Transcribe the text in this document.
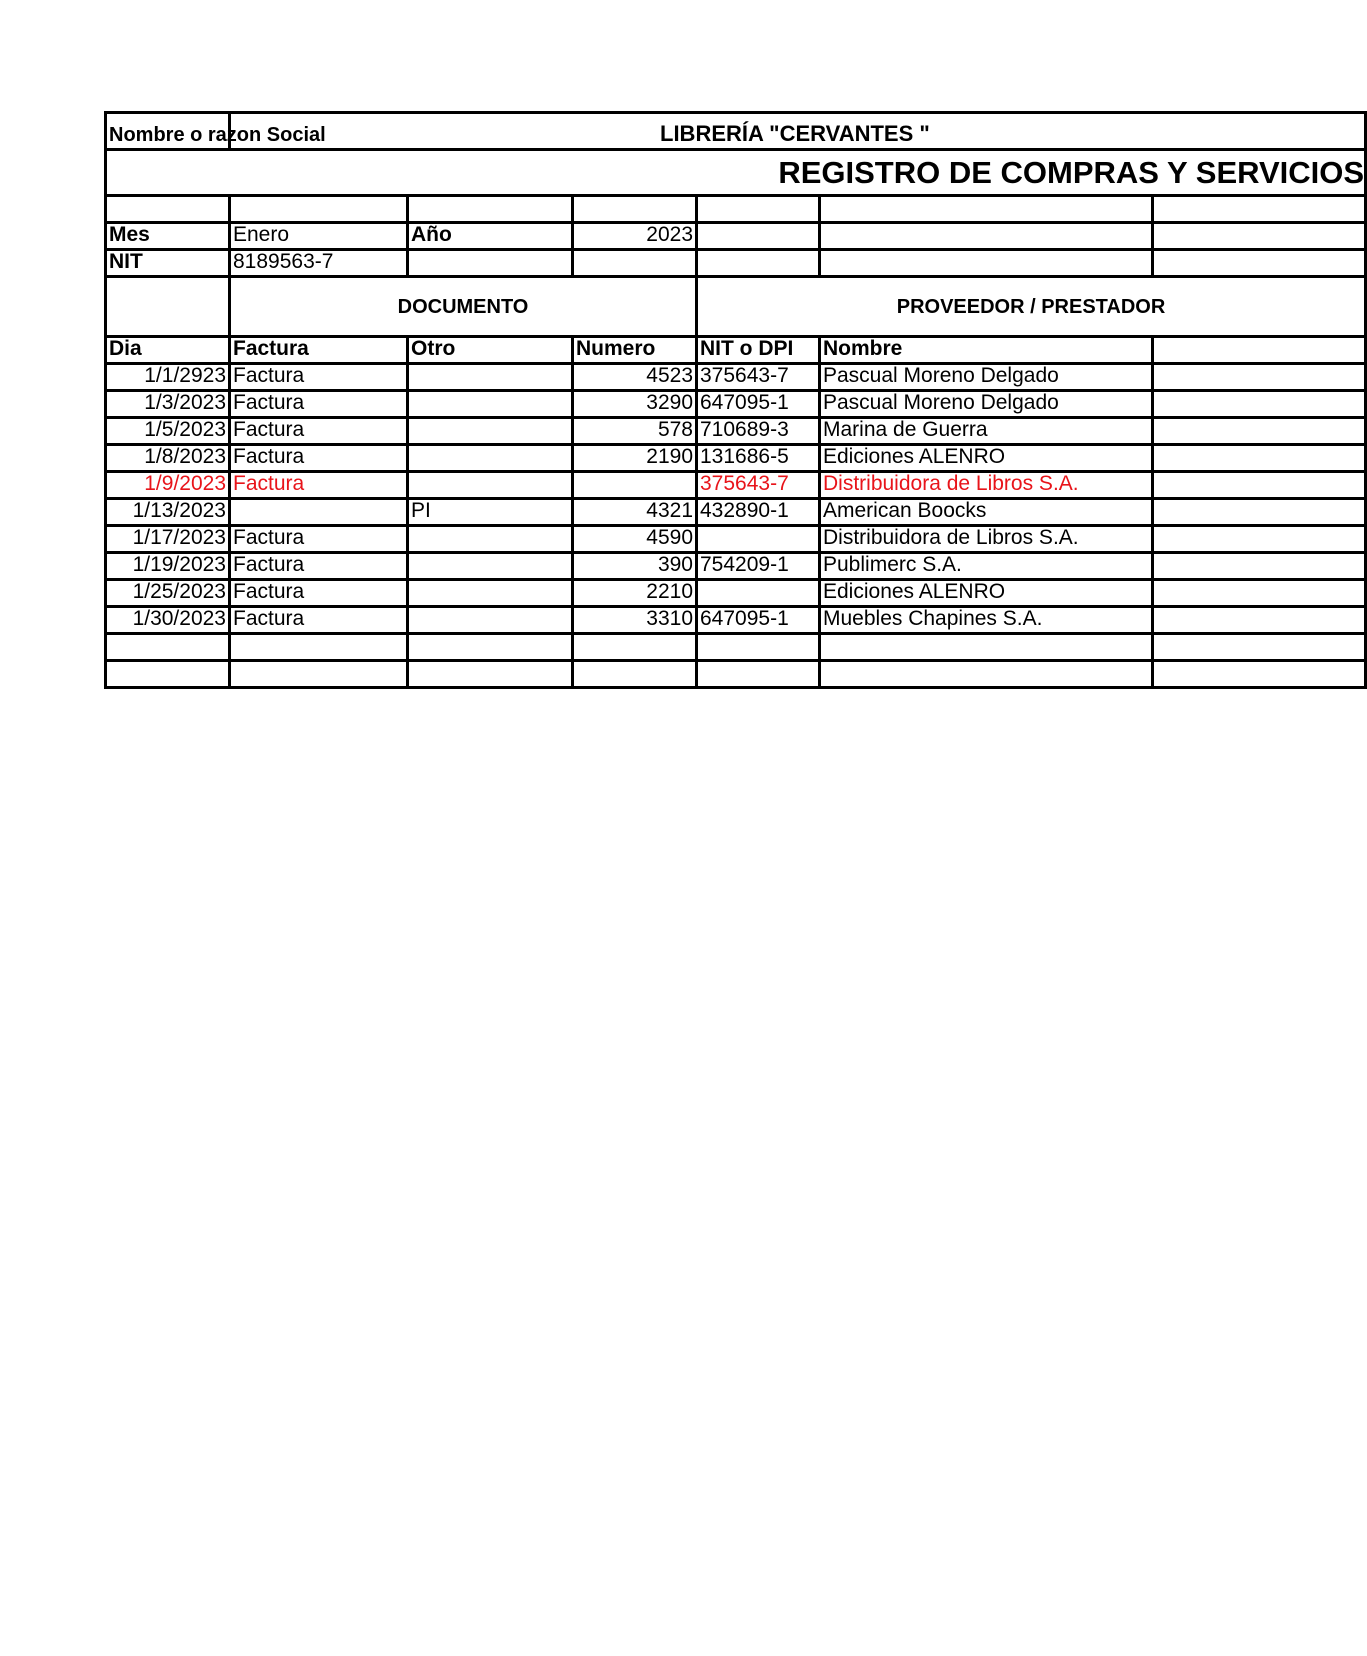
Nombre o razon Social	LIBRERÍA "CERVANTES "					
REGISTRO DE COMPRAS Y SERVICIOS						

Mes	Enero	Año	2023			
NIT	8189563-7					
	DOCUMENTO			PROVEEDOR / PRESTADOR		
Dia	Factura	Otro	Numero	NIT o DPI	Nombre	
1/1/2923	Factura		4523	375643-7	Pascual Moreno Delgado	
1/3/2023	Factura		3290	647095-1	Pascual Moreno Delgado	
1/5/2023	Factura		578	710689-3	Marina de Guerra	
1/8/2023	Factura		2190	131686-5	Ediciones ALENRO	
1/9/2023	Factura			375643-7	Distribuidora de Libros S.A.	
1/13/2023		PI	4321	432890-1	American Boocks	
1/17/2023	Factura		4590		Distribuidora de Libros S.A.	
1/19/2023	Factura		390	754209-1	Publimerc S.A.	
1/25/2023	Factura		2210		Ediciones ALENRO	
1/30/2023	Factura		3310	647095-1	Muebles Chapines S.A.	
